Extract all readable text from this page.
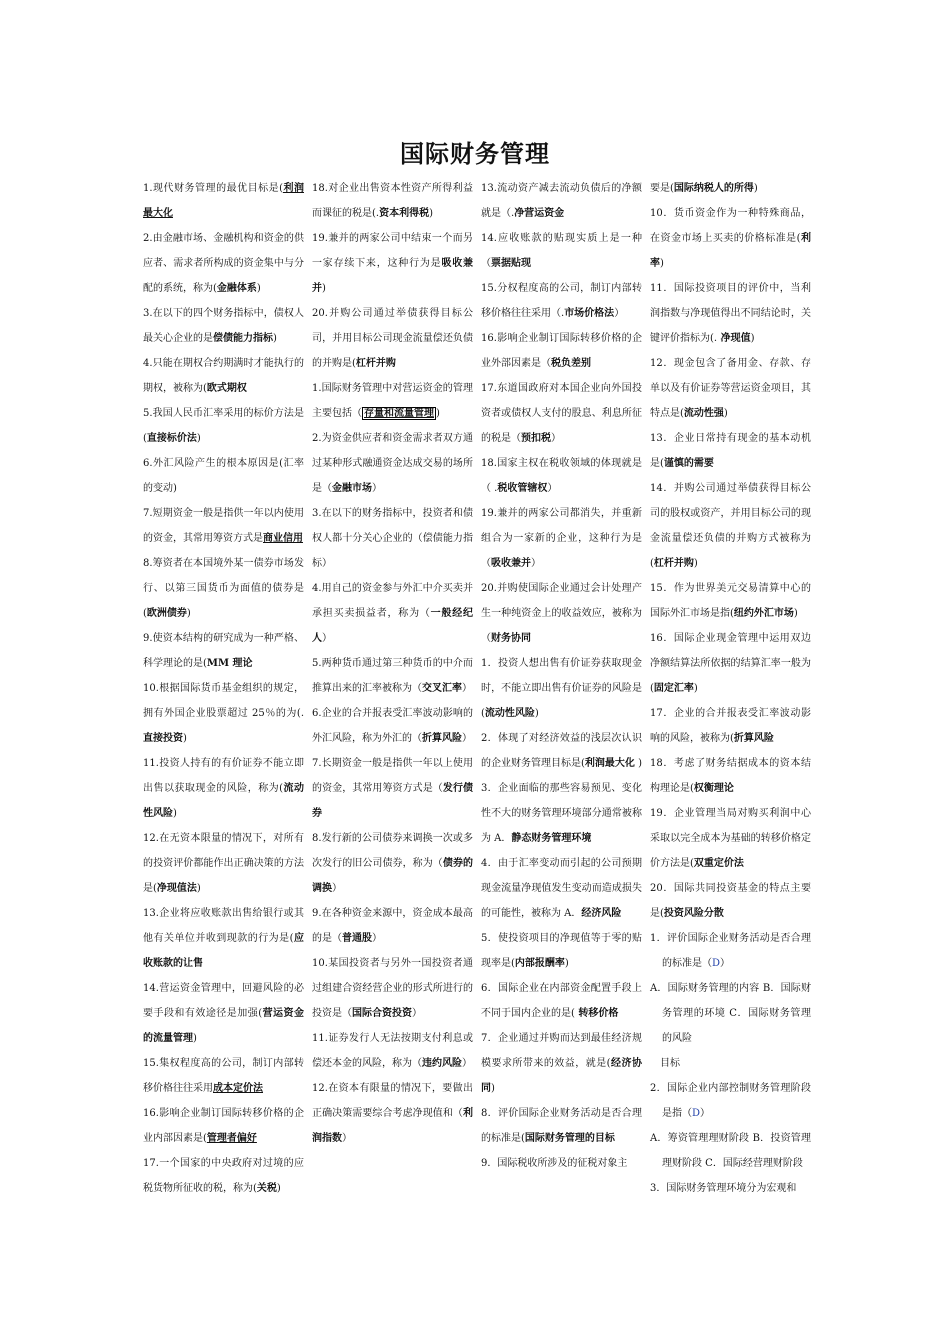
国际财务管理

1.现代财务管理的最优目标是(利润最大化

2.由金融市场、金融机构和资金的供应者、需求者所构成的资金集中与分配的系统，称为(金融体系)

3.在以下的四个财务指标中，债权人最关心企业的是偿债能力指标)

4.只能在期权合约期满时才能执行的期权，被称为(欧式期权

5.我国人民币汇率采用的标价方法是(直接标价法)

6.外汇风险产生的根本原因是(汇率的变动)

7.短期资金一般是指供一年以内使用的资金，其常用筹资方式是商业信用

8.筹资者在本国境外某一债券市场发行、以第三国货币为面值的债券是(欧洲债券)

9.使资本结构的研究成为一种严格、科学理论的是(MM 理论

10.根据国际货币基金组织的规定，拥有外国企业股票超过 25％的为(.直接投资)

11.投资人持有的有价证券不能立即出售以获取现金的风险，称为(流动性风险)

12.在无资本限量的情况下，对所有的投资评价都能作出正确决策的方法是(净现值法)

13.企业将应收账款出售给银行或其他有关单位并收到现款的行为是(应收账款的让售

14.营运资金管理中，回避风险的必要手段和有效途径是加强(营运资金的流量管理)

15.集权程度高的公司，制订内部转移价格往往采用成本定价法

16.影响企业制订国际转移价格的企业内部因素是(管理者偏好

17.一个国家的中央政府对过境的应税货物所征收的税，称为(关税)

18.对企业出售资本性资产所得利益而课征的税是(.资本利得税)

19.兼并的两家公司中结束一个而另一家存续下来，这种行为是吸收兼并)

20.并购公司通过举债获得目标公司，并用目标公司现金流量偿还负债的并购是(杠杆并购

1.国际财务管理中对营运资金的管理主要包括（ 存量和流量管理 )

2.为资金供应者和资金需求者双方通过某种形式融通资金达成交易的场所是（金融市场）

3.在以下的财务指标中，投资者和债权人都十分关心企业的（偿债能力指标）

4.用自己的资金参与外汇中介买卖并承担买卖损益者，称为（一般经纪人）

5.两种货币通过第三种货币的中介而推算出来的汇率被称为（交叉汇率）

6.企业的合并报表受汇率波动影响的外汇风险，称为外汇的（折算风险）

7.长期资金一般是指供一年以上使用的资金，其常用筹资方式是（发行债券

8.发行新的公司债券来调换一次或多次发行的旧公司债券，称为（债券的调换）

9.在各种资金来源中，资金成本最高的是（普通股）

10.某国投资者与另外一国投资者通过组建合资经营企业的形式所进行的投资是（国际合资投资）

11.证券发行人无法按期支付利息或偿还本金的风险，称为（违约风险）

12.在资本有限量的情况下，要做出正确决策需要综合考虑净现值和（利润指数）

13.流动资产减去流动负债后的净额就是（.净营运资金

14.应收账款的贴现实质上是一种（票据贴现

15.分权程度高的公司，制订内部转移价格往往采用（.市场价格法）

16.影响企业制订国际转移价格的企业外部因素是（税负差别

17.东道国政府对本国企业向外国投资者或债权人支付的股息、利息所征的税是（预扣税）

18.国家主权在税收领域的体现就是（ .税收管辖权）

19.兼并的两家公司都消失，并重新组合为一家新的企业，这种行为是（吸收兼并）

20.并购使国际企业通过会计处理产生一种纯资金上的收益效应，被称为（财务协同

1．投资人想出售有价证券获取现金时，不能立即出售有价证券的风险是(流动性风险)

2．体现了对经济效益的浅层次认识的企业财务管理目标是(利润最大化 )

3．企业面临的那些容易预见、变化性不大的财务管理环境部分通常被称为 A．静态财务管理环境

4．由于汇率变动而引起的公司预期现金流量净现值发生变动而造成损失的可能性，被称为 A．经济风险

5．使投资项目的净现值等于零的贴现率是(内部报酬率)

6．国际企业在内部资金配置手段上不同于国内企业的是( 转移价格

7．企业通过并购而达到最佳经济规模要求所带来的效益，就是(经济协同)

8．评价国际企业财务活动是否合理的标准是(国际财务管理的目标

9．国际税收所涉及的征税对象主

要是(国际纳税人的所得)

10．货币资金作为一种特殊商品，在资金市场上买卖的价格标准是(利率)

11．国际投资项目的评价中，当利润指数与净现值得出不同结论时，关键评价指标为(. 净现值)

12．现金包含了备用金、存款、存单以及有价证券等营运资金项目，其特点是(流动性强)

13．企业日常持有现金的基本动机是(谨慎的需要

14．并购公司通过举债获得目标公司的股权或资产，并用目标公司的现金流量偿还负债的并购方式被称为(杠杆并购)

15．作为世界美元交易清算中心的国际外汇市场是指(纽约外汇市场)

16．国际企业现金管理中运用双边净额结算法所依据的结算汇率一般为(固定汇率)

17．企业的合并报表受汇率波动影响的风险，被称为(折算风险

18．考虑了财务结据成本的资本结构理论是(权衡理论

19．企业管理当局对购买利润中心采取以完全成本为基础的转移价格定价方法是(双重定价法

20．国际共同投资基金的特点主要是(投资风险分散

1．评价国际企业财务活动是否合理的标准是（D）

A．国际财务管理的内容 B．国际财务管理的环境 C．国际财务管理的风险

目标

2．国际企业内部控制财务管理阶段是指（D）

A．筹资管理理财阶段 B．投资管理理财阶段 C．国际经营理财阶段

3．国际财务管理环境分为宏观和
